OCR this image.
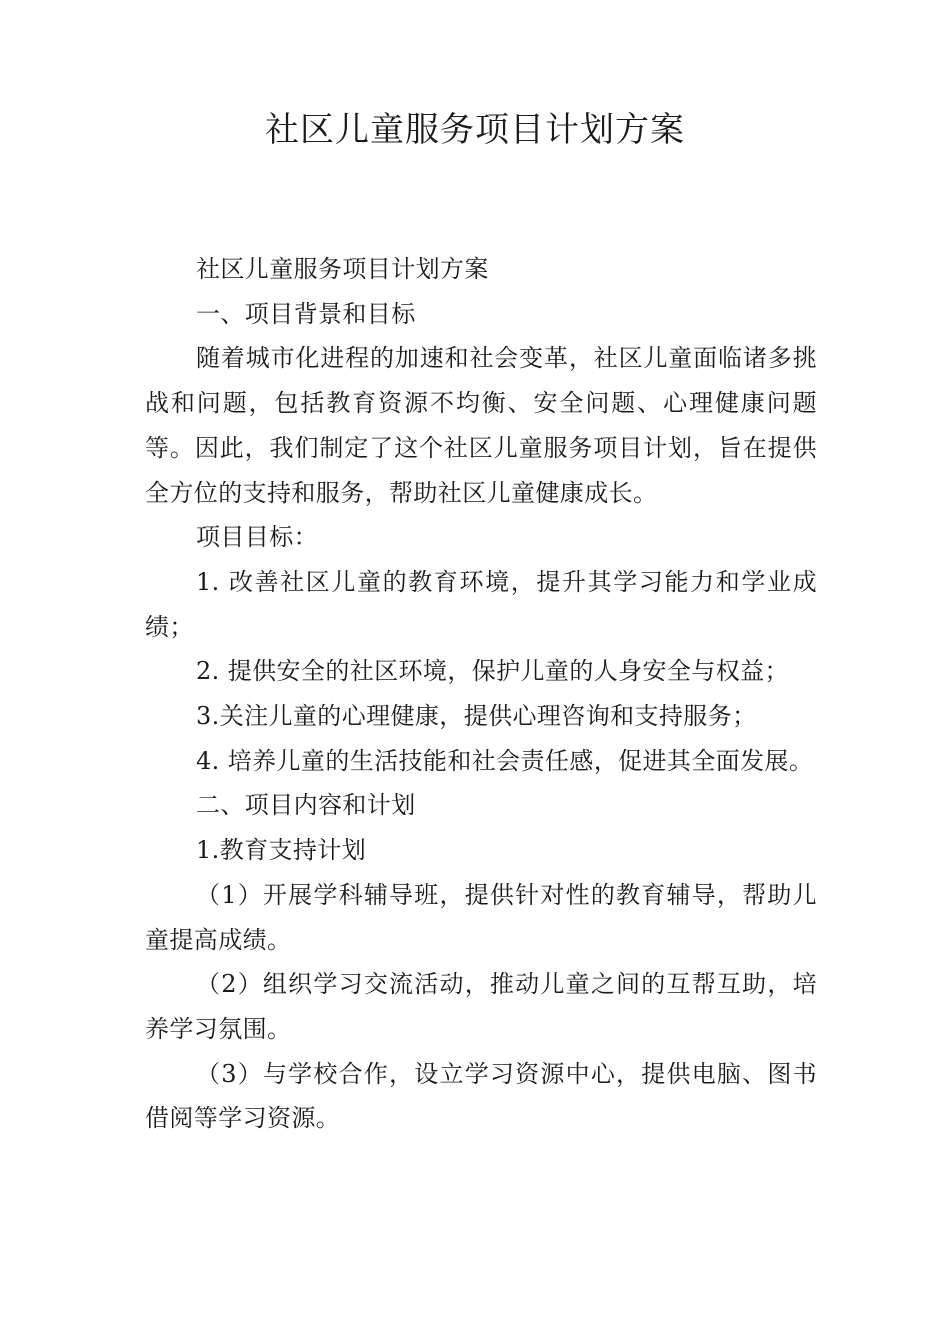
社区儿童服务项目计划方案

社区儿童服务项目计划方案

一、项目背景和目标

随着城市化进程的加速和社会变革，社区儿童面临诸多挑战和问题，包括教育资源不均衡、安全问题、心理健康问题等。因此，我们制定了这个社区儿童服务项目计划，旨在提供全方位的支持和服务，帮助社区儿童健康成长。

项目目标：

1. 改善社区儿童的教育环境，提升其学习能力和学业成绩；

2. 提供安全的社区环境，保护儿童的人身安全与权益；

3.关注儿童的心理健康，提供心理咨询和支持服务；

4. 培养儿童的生活技能和社会责任感，促进其全面发展。

二、项目内容和计划

1.教育支持计划

（1）开展学科辅导班，提供针对性的教育辅导，帮助儿童提高成绩。

（2）组织学习交流活动，推动儿童之间的互帮互助，培养学习氛围。

（3）与学校合作，设立学习资源中心，提供电脑、图书借阅等学习资源。
